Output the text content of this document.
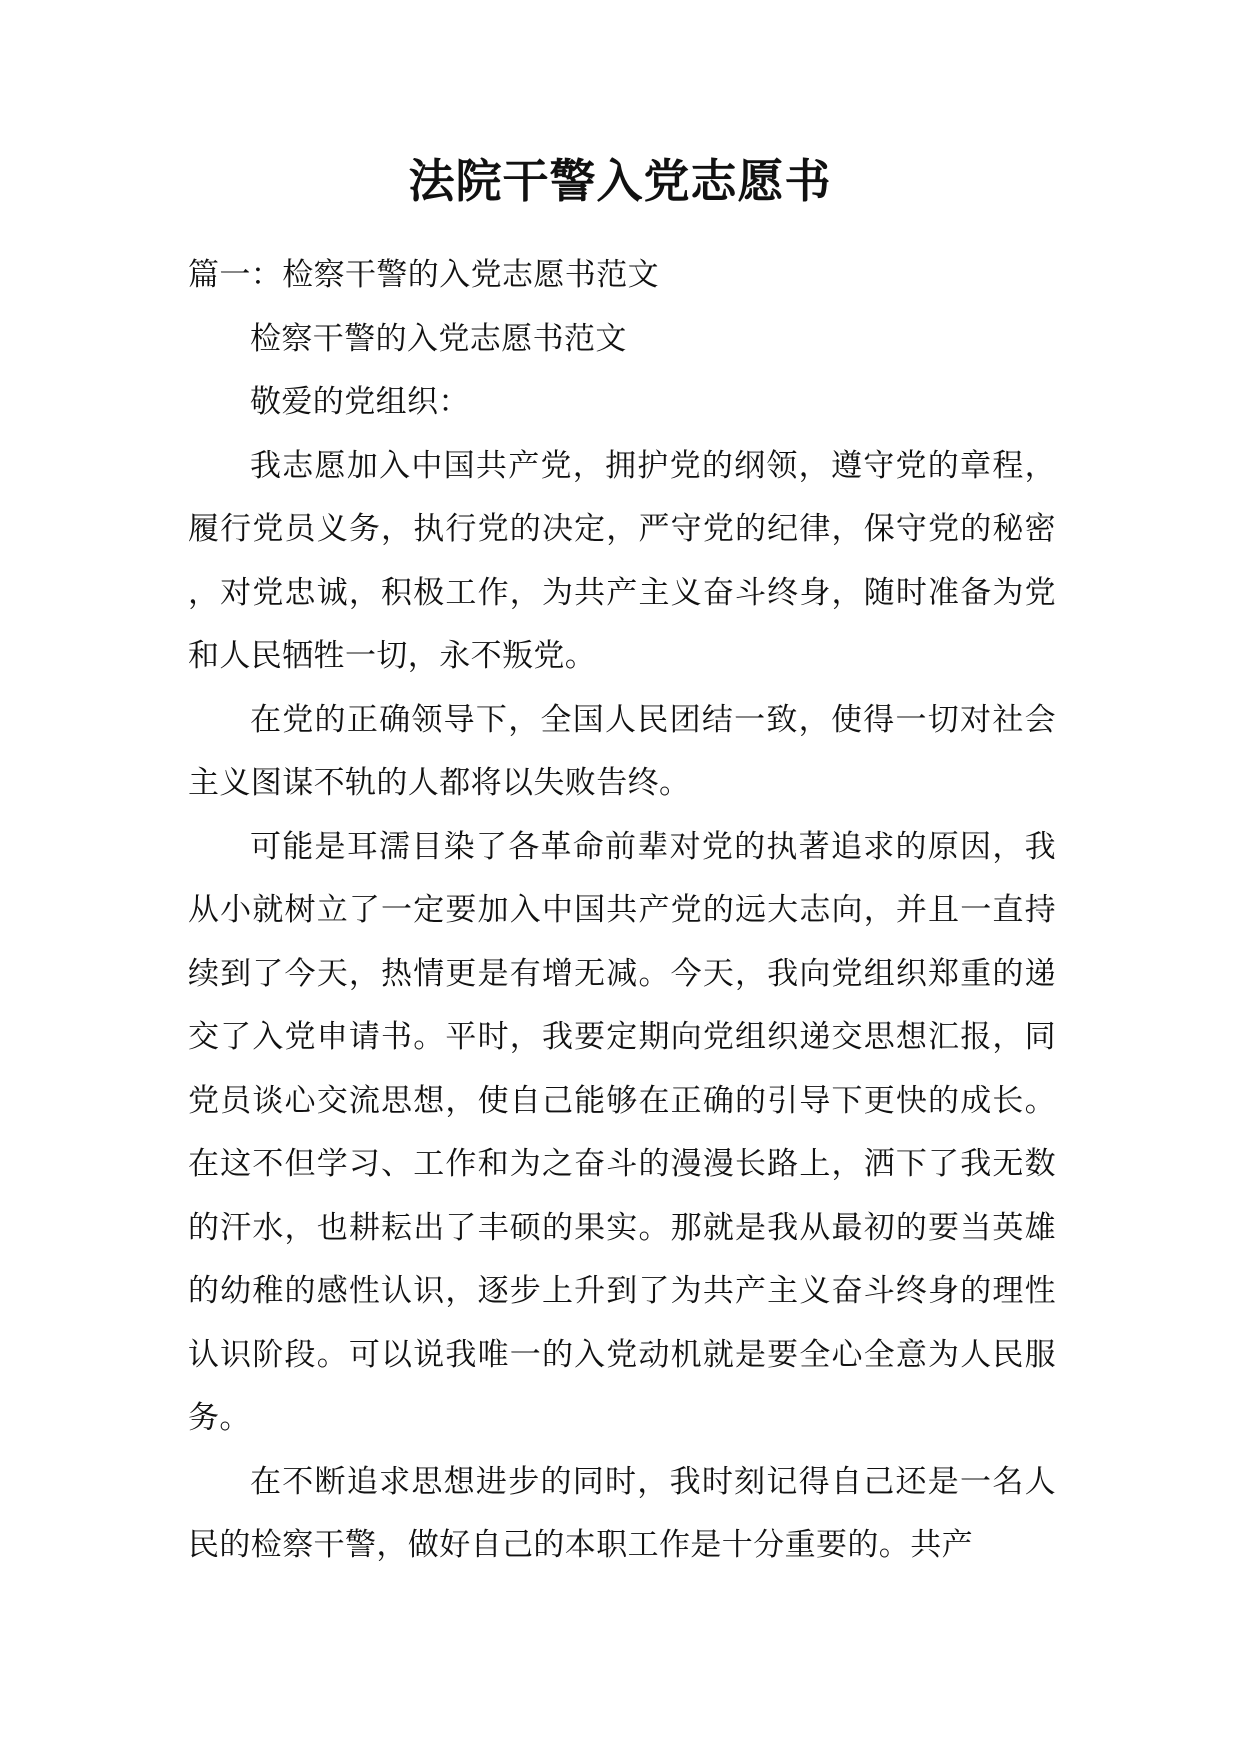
法院干警入党志愿书

篇一：检察干警的入党志愿书范文

检察干警的入党志愿书范文

敬爱的党组织：

我志愿加入中国共产党，拥护党的纲领，遵守党的章程，履行党员义务，执行党的决定，严守党的纪律，保守党的秘密，对党忠诚，积极工作，为共产主义奋斗终身，随时准备为党和人民牺牲一切，永不叛党。

在党的正确领导下，全国人民团结一致，使得一切对社会主义图谋不轨的人都将以失败告终。

可能是耳濡目染了各革命前辈对党的执著追求的原因，我从小就树立了一定要加入中国共产党的远大志向，并且一直持续到了今天，热情更是有增无减。今天，我向党组织郑重的递交了入党申请书。平时，我要定期向党组织递交思想汇报，同党员谈心交流思想，使自己能够在正确的引导下更快的成长。在这不但学习、工作和为之奋斗的漫漫长路上，洒下了我无数的汗水，也耕耘出了丰硕的果实。那就是我从最初的要当英雄的幼稚的感性认识，逐步上升到了为共产主义奋斗终身的理性认识阶段。可以说我唯一的入党动机就是要全心全意为人民服务。

在不断追求思想进步的同时，我时刻记得自己还是一名人民的检察干警，做好自己的本职工作是十分重要的。共产
